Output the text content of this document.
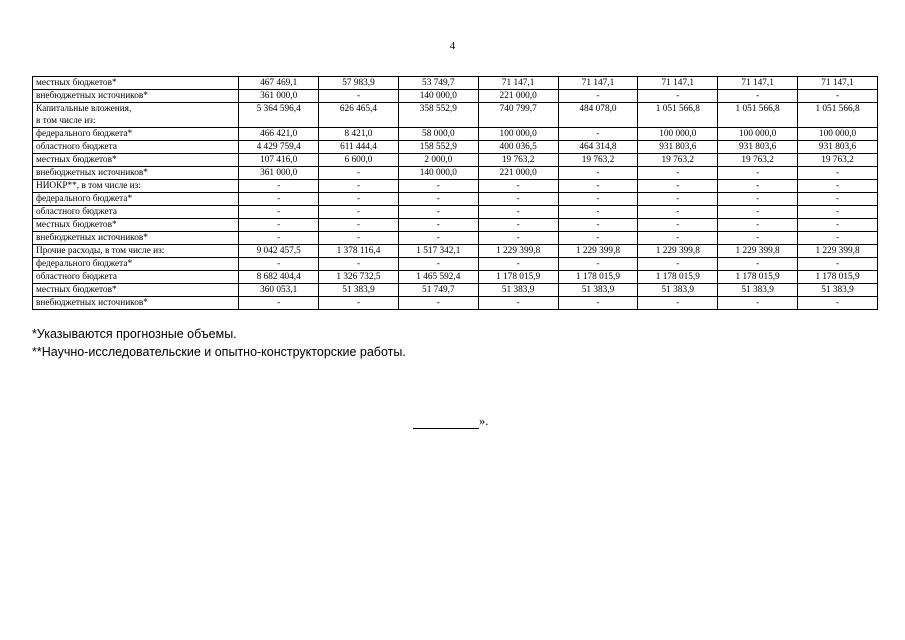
4
местных бюджетов*	467 469,1	57 983,9	53 749,7	71 147,1	71 147,1	71 147,1	71 147,1	71 147,1
внебюджетных источников*	361 000,0	-	140 000,0	221 000,0	-	-	-	-
Капитальные вложения,
в том числе из:	5 364 596,4	626 465,4	358 552,9	740 799,7	484 078,0	1 051 566,8	1 051 566,8	1 051 566,8
федерального бюджета*	466 421,0	8 421,0	58 000,0	100 000,0	-	100 000,0	100 000,0	100 000,0
областного бюджета	4 429 759,4	611 444,4	158 552,9	400 036,5	464 314,8	931 803,6	931 803,6	931 803,6
местных бюджетов*	107 416,0	6 600,0	2 000,0	19 763,2	19 763,2	19 763,2	19 763,2	19 763,2
внебюджетных источников*	361 000,0	-	140 000,0	221 000,0	-	-	-	-
НИОКР**, в том числе из:	-	-	-	-	-	-	-	-
федерального бюджета*	-	-	-	-	-	-	-	-
областного бюджета	-	-	-	-	-	-	-	-
местных бюджетов*	-	-	-	-	-	-	-	-
внебюджетных источников*	-	-	-	-	-	-	-	-
Прочие расходы, в том числе из:	9 042 457,5	1 378 116,4	1 517 342,1	1 229 399,8	1 229 399,8	1 229 399,8	1 229 399,8	1 229 399,8
федерального бюджета*	-	-	-	-	-	-	-	-
областного бюджета	8 682 404,4	1 326 732,5	1 465 592,4	1 178 015,9	1 178 015,9	1 178 015,9	1 178 015,9	1 178 015,9
местных бюджетов*	360 053,1	51 383,9	51 749,7	51 383,9	51 383,9	51 383,9	51 383,9	51 383,9
внебюджетных источников*	-	-	-	-	-	-	-	-
*Указываются прогнозные объемы.
**Научно-исследовательские и опытно-конструкторские работы.
».
